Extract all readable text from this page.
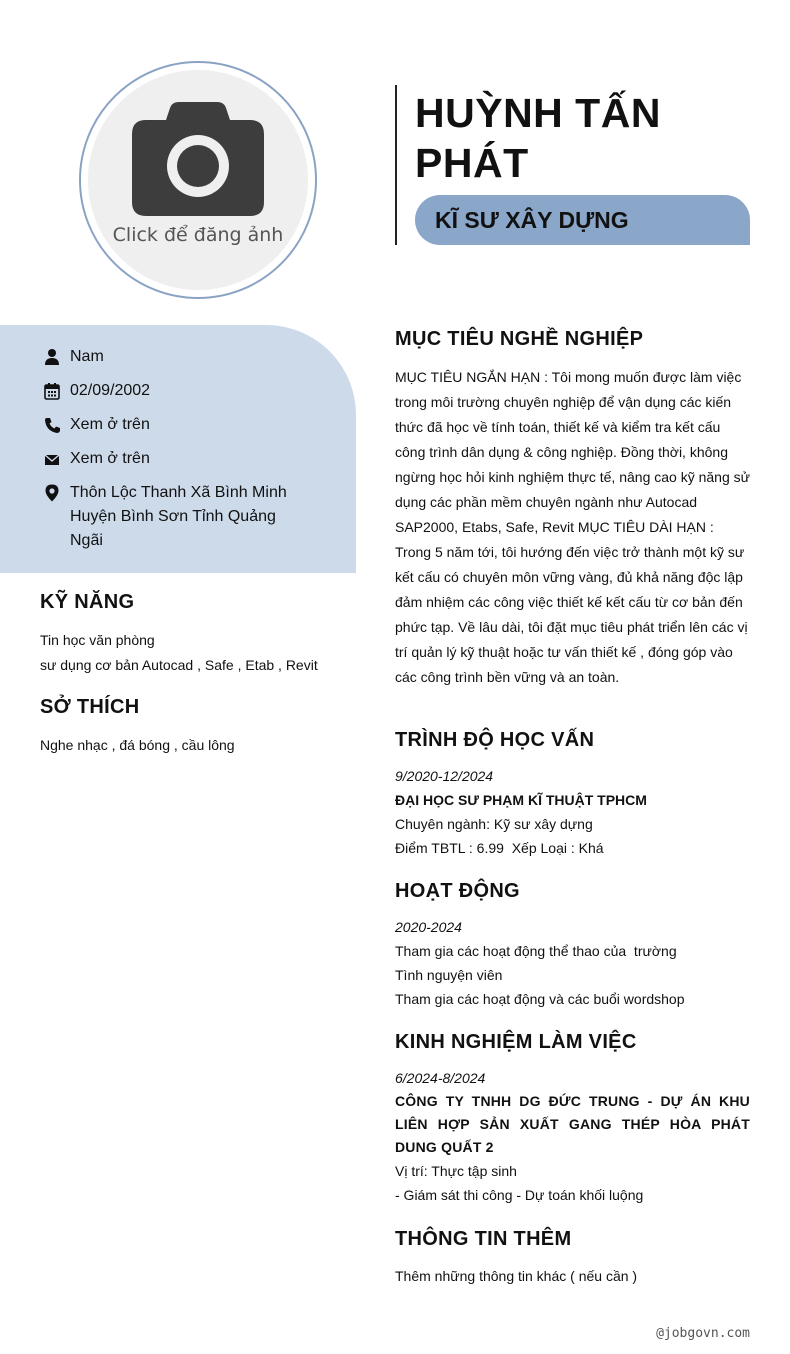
Click để đăng ảnh
HUỲNH TẤN PHÁT
KĨ SƯ XÂY DỰNG
Nam
02/09/2002
Xem ở trên
Xem ở trên
Thôn Lộc Thanh Xã Bình Minh Huyện Bình Sơn Tỉnh Quảng Ngãi
KỸ NĂNG
Tin học văn phòng
sư dụng cơ bản Autocad , Safe , Etab , Revit
SỞ THÍCH
Nghe nhạc , đá bóng , cầu lông
MỤC TIÊU NGHỀ NGHIỆP
MỤC TIÊU NGẮN HẠN : Tôi mong muốn được làm việc trong môi trường chuyên nghiệp để vận dụng các kiến thức đã học về tính toán, thiết kế và kiểm tra kết cấu công trình dân dụng & công nghiệp. Đồng thời, không ngừng học hỏi kinh nghiệm thực tế, nâng cao kỹ năng sử dụng các phần mềm chuyên ngành như Autocad SAP2000, Etabs, Safe, Revit MỤC TIÊU DÀI HẠN : Trong 5 năm tới, tôi hướng đến việc trở thành một kỹ sư kết cấu có chuyên môn vững vàng, đủ khả năng độc lập đảm nhiệm các công việc thiết kế kết cấu từ cơ bản đến phức tạp. Về lâu dài, tôi đặt mục tiêu phát triển lên các vị trí quản lý kỹ thuật hoặc tư vấn thiết kế , đóng góp vào các công trình bền vững và an toàn.
TRÌNH ĐỘ HỌC VẤN
9/2020-12/2024
ĐẠI HỌC SƯ PHẠM KĨ THUẬT TPHCM
Chuyên ngành: Kỹ sư xây dựng
Điểm TBTL : 6.99  Xếp Loại : Khá
HOẠT ĐỘNG
2020-2024
Tham gia các hoạt động thể thao của  trường
Tình nguyện viên
Tham gia các hoạt động và các buổi wordshop
KINH NGHIỆM LÀM VIỆC
6/2024-8/2024
CÔNG TY TNHH DG ĐỨC TRUNG - DỰ ÁN KHU LIÊN HỢP SẢN XUẤT GANG THÉP HÒA PHÁT DUNG QUẤT 2
Vị trí: Thực tập sinh
- Giám sát thi công - Dự toán khối luộng
THÔNG TIN THÊM
Thêm những thông tin khác ( nếu cần )
@jobgovn.com
